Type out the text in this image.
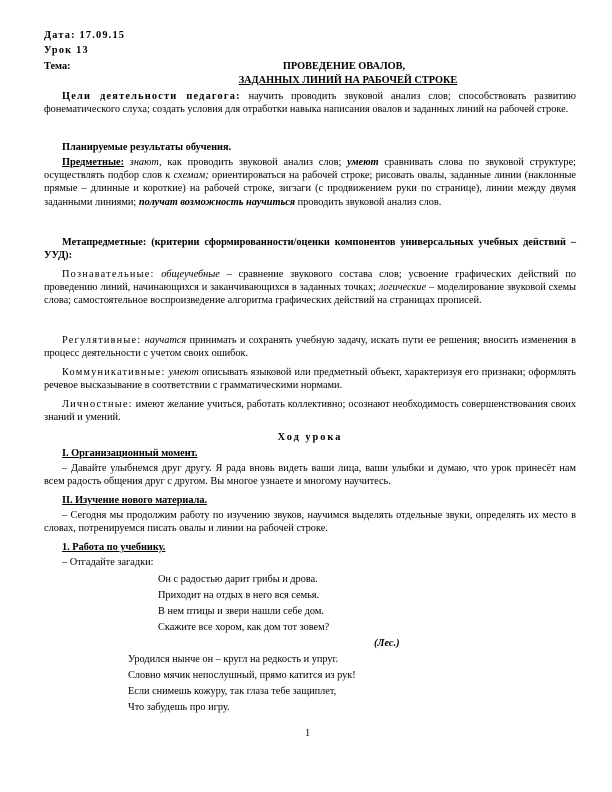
Дата: 17.09.15

Урок 13

Тема:	ПРОВЕДЕНИЕ ОВАЛОВ,

ЗАДАННЫХ ЛИНИЙ НА РАБОЧЕЙ СТРОКЕ

Цели деятельности педагога: научить проводить звуковой анализ слов; способствовать развитию фонематического слуха; создать условия для отработки навыка написания овалов и заданных линий на рабочей строке.

Планируемые результаты обучения.

Предметные: знают, как проводить звуковой анализ слов; умеют сравнивать слова по звуковой структуре; осуществлять подбор слов к схемам; ориентироваться на рабочей строке; рисовать овалы, заданные линии (наклонные прямые – длинные и короткие) на рабочей строке, зигзаги (с продвижением руки по странице), линии между двумя заданными линиями; получат возможность научиться проводить звуковой анализ слов.

Метапредметные: (критерии сформированности/оценки компонентов универсальных учебных действий – УУД):

Познавательные: общеучебные – сравнение звукового состава слов; усвоение графических действий по проведению линий, начинающихся и заканчивающихся в заданных точках; логические – моделирование звуковой схемы слова; самостоятельное воспроизведение алгоритма графических действий на страницах прописей.

Регулятивные: научатся принимать и сохранять учебную задачу, искать пути ее решения; вносить изменения в процесс деятельности с учетом своих ошибок.

Коммуникативные: умеют описывать языковой или предметный объект, характеризуя его признаки; оформлять речевое высказывание в соответствии с грамматическими нормами.

Личностные: имеют желание учиться, работать коллективно; осознают необходимость совершенствования своих знаний и умений.

Ход урока

I. Организационный момент.

– Давайте улыбнемся друг другу. Я рада вновь видеть ваши лица, ваши улыбки и думаю, что урок принесёт нам всем радость общения друг с другом. Вы многое узнаете и многому научитесь.

II. Изучение нового материала.

– Сегодня мы продолжим работу по изучению звуков, научимся выделять отдельные звуки, определять их место в словах, потренируемся писать овалы и линии на рабочей строке.

1. Работа по учебнику.

– Отгадайте загадки:

Он с радостью дарит грибы и дрова.

Приходит на отдых в него вся семья.

В нем птицы и звери нашли себе дом.

Скажите все хором, как дом тот зовем?

(Лес.)

Уродился нынче он – кругл на редкость и упруг.

Словно мячик непослушный, прямо катится из рук!

Если снимешь кожуру, так глаза тебе защиплет,

Что забудешь про игру.

1
